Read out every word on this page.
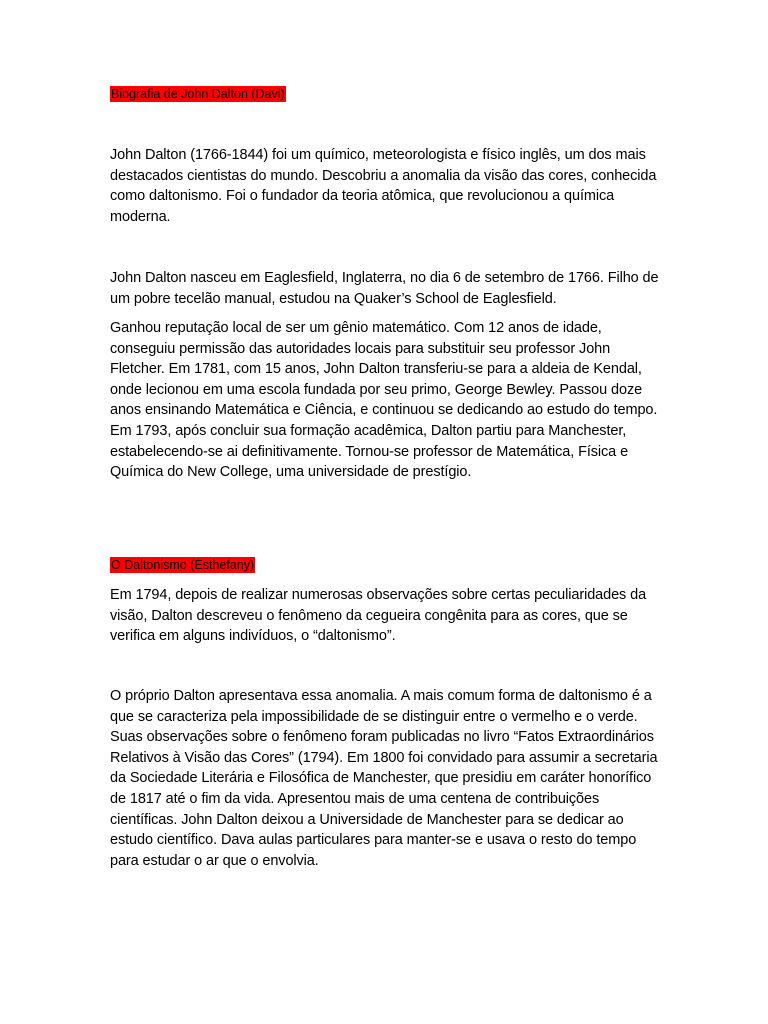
Biografia de John Dalton (Davi)

John Dalton (1766-1844) foi um químico, meteorologista e físico inglês, um dos mais destacados cientistas do mundo. Descobriu a anomalia da visão das cores, conhecida como daltonismo. Foi o fundador da teoria atômica, que revolucionou a química moderna.

John Dalton nasceu em Eaglesfield, Inglaterra, no dia 6 de setembro de 1766. Filho de um pobre tecelão manual, estudou na Quaker’s School de Eaglesfield.

Ganhou reputação local de ser um gênio matemático. Com 12 anos de idade, conseguiu permissão das autoridades locais para substituir seu professor John Fletcher. Em 1781, com 15 anos, John Dalton transferiu-se para a aldeia de Kendal, onde lecionou em uma escola fundada por seu primo, George Bewley. Passou doze anos ensinando Matemática e Ciência, e continuou se dedicando ao estudo do tempo. Em 1793, após concluir sua formação acadêmica, Dalton partiu para Manchester, estabelecendo-se ai definitivamente. Tornou-se professor de Matemática, Física e Química do New College, uma universidade de prestígio.

O Daltonismo (Esthefany)

Em 1794, depois de realizar numerosas observações sobre certas peculiaridades da visão, Dalton descreveu o fenômeno da cegueira congênita para as cores, que se verifica em alguns indivíduos, o “daltonismo”.

O próprio Dalton apresentava essa anomalia. A mais comum forma de daltonismo é a que se caracteriza pela impossibilidade de se distinguir entre o vermelho e o verde. Suas observações sobre o fenômeno foram publicadas no livro “Fatos Extraordinários Relativos à Visão das Cores” (1794). Em 1800 foi convidado para assumir a secretaria da Sociedade Literária e Filosófica de Manchester, que presidiu em caráter honorífico de 1817 até o fim da vida. Apresentou mais de uma centena de contribuições científicas. John Dalton deixou a Universidade de Manchester para se dedicar ao estudo científico. Dava aulas particulares para manter-se e usava o resto do tempo para estudar o ar que o envolvia.
